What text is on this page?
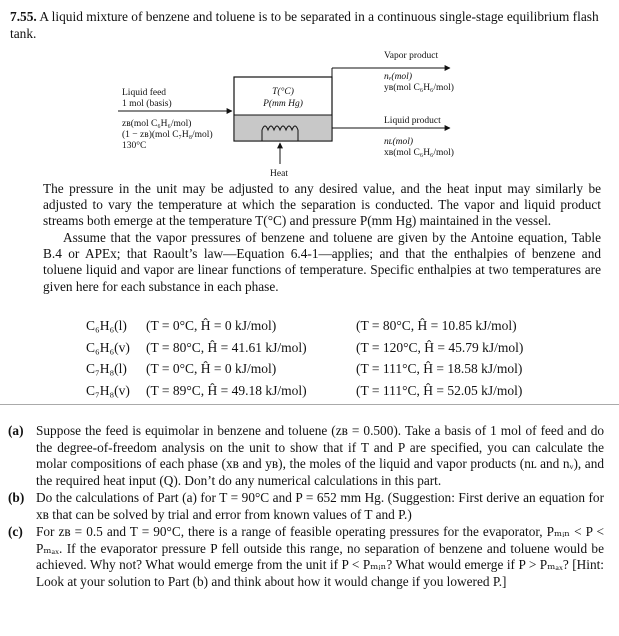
7.55. A liquid mixture of benzene and toluene is to be separated in a continuous single-stage equilibrium flash tank.
Liquid feed
1 mol (basis)
zʙ(mol C₆H₆/mol)
(1 − zʙ)(mol C₇H₈/mol)
130°C
T(°C)
P(mm Hg)
Heat
Vapor product
nᵥ(mol)
yʙ(mol C₆H₆/mol)
Liquid product
nʟ(mol)
xʙ(mol C₆H₆/mol)

The pressure in the unit may be adjusted to any desired value, and the heat input may similarly be adjusted to vary the temperature at which the separation is conducted. The vapor and liquid product streams both emerge at the temperature T(°C) and pressure P(mm Hg) maintained in the vessel.

Assume that the vapor pressures of benzene and toluene are given by the Antoine equation, Table B.4 or APEx; that Raoult’s law—Equation 6.4-1—applies; and that the enthalpies of benzene and toluene liquid and vapor are linear functions of temperature. Specific enthalpies at two temperatures are given here for each substance in each phase.

C₆H₆(l) (T = 0°C, Ĥ = 0 kJ/mol)	(T = 80°C, Ĥ = 10.85 kJ/mol)
C₆H₆(v) (T = 80°C, Ĥ = 41.61 kJ/mol)	(T = 120°C, Ĥ = 45.79 kJ/mol)
C₇H₈(l) (T = 0°C, Ĥ = 0 kJ/mol)	(T = 111°C, Ĥ = 18.58 kJ/mol)
C₇H₈(v) (T = 89°C, Ĥ = 49.18 kJ/mol)	(T = 111°C, Ĥ = 52.05 kJ/mol)
(a) Suppose the feed is equimolar in benzene and toluene (zʙ = 0.500). Take a basis of 1 mol of feed and do the degree-of-freedom analysis on the unit to show that if T and P are specified, you can calculate the molar compositions of each phase (xʙ and yʙ), the moles of the liquid and vapor products (nʟ and nᵥ), and the required heat input (Q). Don’t do any numerical calculations in this part.
(b) Do the calculations of Part (a) for T = 90°C and P = 652 mm Hg. (Suggestion: First derive an equation for xʙ that can be solved by trial and error from known values of T and P.)
(c) For zʙ = 0.5 and T = 90°C, there is a range of feasible operating pressures for the evaporator, Pₘᵢₙ < P < Pₘₐₓ. If the evaporator pressure P fell outside this range, no separation of benzene and toluene would be achieved. Why not? What would emerge from the unit if P < Pₘᵢₙ? What would emerge if P > Pₘₐₓ? [Hint: Look at your solution to Part (b) and think about how it would change if you lowered P.]
